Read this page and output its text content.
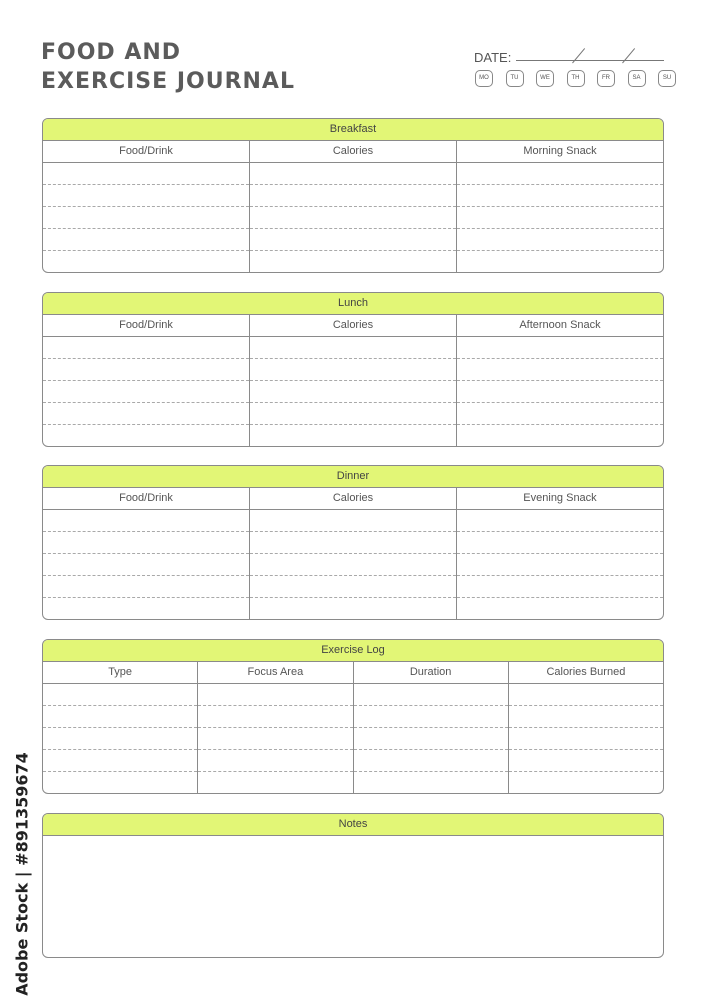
FOOD AND
EXERCISE JOURNAL
DATE:
MO	TU	WE	TH	FR	SA	SU
Breakfast
Food/Drink	Calories	Morning Snack
Lunch
Food/Drink	Calories	Afternoon Snack
Dinner
Food/Drink	Calories	Evening Snack
Exercise Log
Type	Focus Area	Duration	Calories Burned
Notes
Adobe Stock | #891359674
